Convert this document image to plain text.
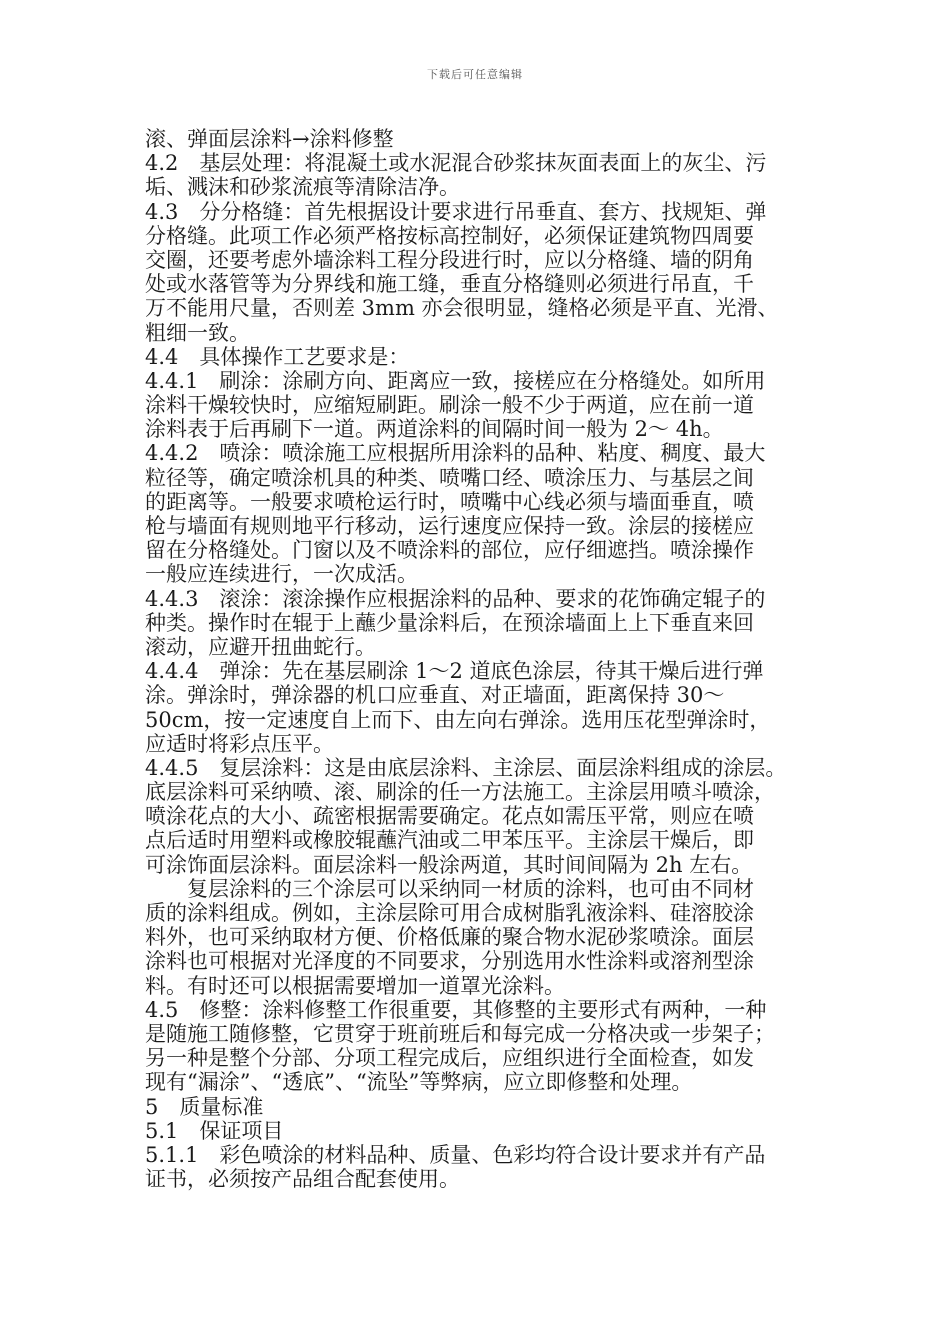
下载后可任意编辑
滚、弹面层涂料→涂料修整
4.2　基层处理：将混凝土或水泥混合砂浆抹灰面表面上的灰尘、污
垢、溅沫和砂浆流痕等清除洁净。
4.3　分分格缝：首先根据设计要求进行吊垂直、套方、找规矩、弹
分格缝。此项工作必须严格按标高控制好，必须保证建筑物四周要
交圈，还要考虑外墙涂料工程分段进行时，应以分格缝、墙的阴角
处或水落管等为分界线和施工缝，垂直分格缝则必须进行吊直，千
万不能用尺量，否则差 3mm 亦会很明显，缝格必须是平直、光滑、
粗细一致。
4.4　具体操作工艺要求是：
4.4.1　刷涂：涂刷方向、距离应一致，接槎应在分格缝处。如所用
涂料干燥较快时，应缩短刷距。刷涂一般不少于两道，应在前一道
涂料表于后再刷下一道。两道涂料的间隔时间一般为 2～ 4h。
4.4.2　喷涂：喷涂施工应根据所用涂料的品种、粘度、稠度、最大
粒径等，确定喷涂机具的种类、喷嘴口经、喷涂压力、与基层之间
的距离等。一般要求喷枪运行时，喷嘴中心线必须与墙面垂直，喷
枪与墙面有规则地平行移动，运行速度应保持一致。涂层的接槎应
留在分格缝处。门窗以及不喷涂料的部位，应仔细遮挡。喷涂操作
一般应连续进行，一次成活。
4.4.3　滚涂：滚涂操作应根据涂料的品种、要求的花饰确定辊子的
种类。操作时在辊于上蘸少量涂料后，在预涂墙面上上下垂直来回
滚动，应避开扭曲蛇行。
4.4.4　弹涂：先在基层刷涂 1～2 道底色涂层，待其干燥后进行弹
涂。弹涂时，弹涂器的机口应垂直、对正墙面，距离保持 30～
50cm，按一定速度自上而下、由左向右弹涂。选用压花型弹涂时，
应适时将彩点压平。
4.4.5　复层涂料：这是由底层涂料、主涂层、面层涂料组成的涂层。
底层涂料可采纳喷、滚、刷涂的任一方法施工。主涂层用喷斗喷涂，
喷涂花点的大小、疏密根据需要确定。花点如需压平常，则应在喷
点后适时用塑料或橡胶辊蘸汽油或二甲苯压平。主涂层干燥后，即
可涂饰面层涂料。面层涂料一般涂两道，其时间间隔为 2h 左右。
复层涂料的三个涂层可以采纳同一材质的涂料，也可由不同材
质的涂料组成。例如，主涂层除可用合成树脂乳液涂料、硅溶胶涂
料外，也可采纳取材方便、价格低廉的聚合物水泥砂浆喷涂。面层
涂料也可根据对光泽度的不同要求，分别选用水性涂料或溶剂型涂
料。有时还可以根据需要增加一道罩光涂料。
4.5　修整：涂料修整工作很重要，其修整的主要形式有两种，一种
是随施工随修整，它贯穿于班前班后和每完成一分格决或一步架子；
另一种是整个分部、分项工程完成后，应组织进行全面检查，如发
现有“漏涂”、“透底”、“流坠”等弊病，应立即修整和处理。
5　质量标准
5.1　保证项目
5.1.1　彩色喷涂的材料品种、质量、色彩均符合设计要求并有产品
证书，必须按产品组合配套使用。
